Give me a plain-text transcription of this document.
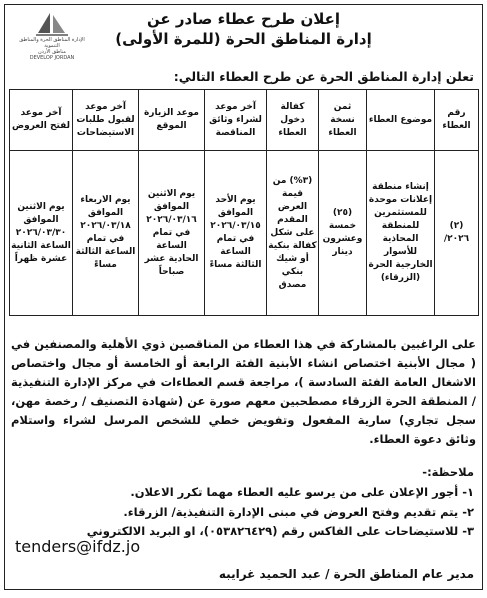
إعلان طرح عطاء صادر عن
إدارة المناطق الحرة (للمرة الأولى)
الإدارة المناطق الحرة والمناطق التنموية
مناطق الأردن
DEVELOP JORDAN
تعلن إدارة المناطق الحرة عن طرح العطاء التالي:
رقم العطاء	موضوع العطاء	ثمن نسخة العطاء	كفالة دخول العطاء	آخر موعد لشراء وثائق المناقصة	موعد الزيارة الموقع	آخر موعد لقبول طلبات الاستيضاحات	آخر موعد لفتح العروض
(٢) ٢٠٢٦/	إنشاء منطقة إعلانات موحدة للمستثمرين للمنطقة المحاذية للأسوار الخارجية الحرة (الزرقاء)	(٢٥) خمسة وعشرون دينار	(٣%) من قيمة العرض المقدم على شكل كفالة بنكية أو شيك بنكي مصدق	يوم الأحد الموافق ٢٠٢٦/٠٣/١٥ في تمام الساعة الثالثة مساءً	يوم الاثنين الموافق ٢٠٢٦/٠٣/١٦ في تمام الساعة الحادية عشر صباحاً	يوم الاربعاء الموافق ٢٠٢٦/٠٣/١٨ في تمام الساعة الثالثة مساءً	يوم الاثنين الموافق ٢٠٢٦/٠٣/٣٠ الساعة الثانية عشرة ظهراً
على الراغبين بالمشاركة في هذا العطاء من المناقصين ذوي الأهلية والمصنفين في ( مجال الأبنية اختصاص انشاء الأبنية الفئة الرابعة أو الخامسة أو مجال واختصاص الاشغال العامة الفئة السادسة )، مراجعة قسم العطاءات في مركز الإدارة التنفيذية / المنطقة الحرة الزرقاء مصطحبين معهم صورة عن (شهادة التصنيف / رخصة مهن، سجل تجاري) سارية المفعول وتفويض خطي للشخص المرسل لشراء واستلام وثائق دعوة العطاء.
ملاحظة:-
١- أجور الإعلان على من يرسو عليه العطاء مهما تكرر الاعلان.
٢- يتم تقديم وفتح العروض في مبنى الإدارة التنفيذية/ الزرقاء.
٣- للاستيضاحات على الفاكس رقم (٠٥٣٨٢٦٤٢٩)، او البريد الالكتروني
tenders@ifdz.jo
مدير عام المناطق الحرة / عبد الحميد غرايبه
